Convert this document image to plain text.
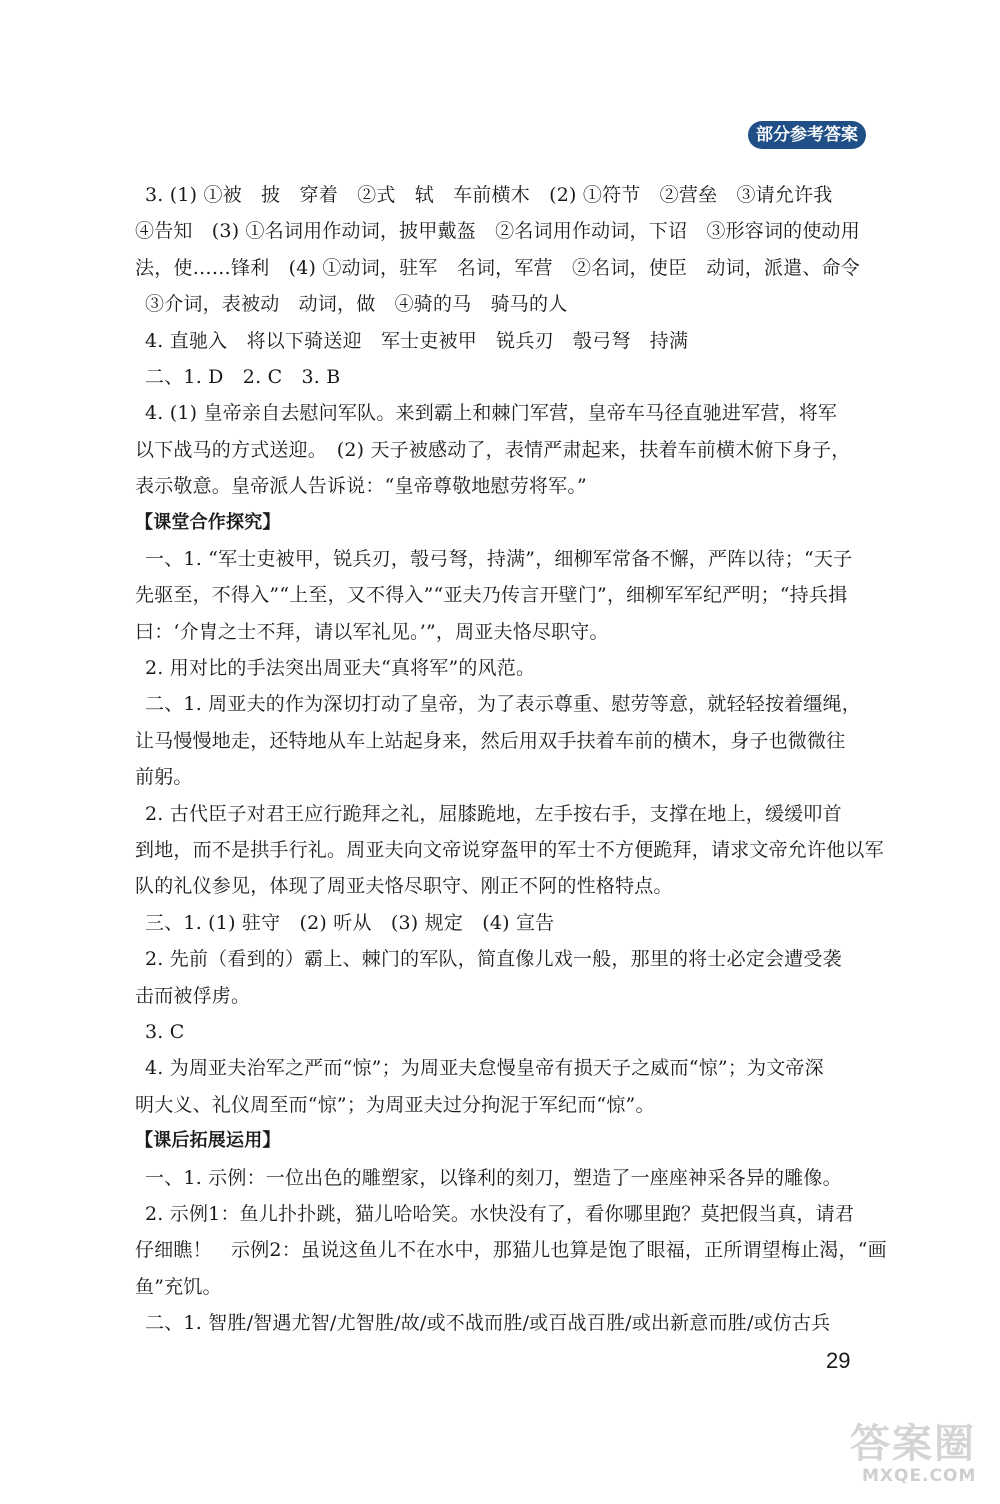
部分参考答案
3. (1) ①被　披　穿着　②式　轼　车前横木　(2) ①符节　②营垒　③请允许我
④告知　(3) ①名词用作动词，披甲戴盔　②名词用作动词，下诏　③形容词的使动用
法，使……锋利　(4) ①动词，驻军　名词，军营　②名词，使臣　动词，派遣、命令
③介词，表被动　动词，做　④骑的马　骑马的人
4. 直驰入　将以下骑送迎　军士吏被甲　锐兵刃　彀弓弩　持满
二、1. D　2. C　3. B
4. (1) 皇帝亲自去慰问军队。来到霸上和棘门军营，皇帝车马径直驰进军营，将军
以下战马的方式送迎。　(2) 天子被感动了，表情严肃起来，扶着车前横木俯下身子，
表示敬意。皇帝派人告诉说：“皇帝尊敬地慰劳将军。”
【课堂合作探究】
一、1. “军士吏被甲，锐兵刃，彀弓弩，持满”，细柳军常备不懈，严阵以待；“天子
先驱至，不得入”“上至，又不得入”“亚夫乃传言开壁门”，细柳军军纪严明；“持兵揖
曰：‘介胄之士不拜，请以军礼见。’”，周亚夫恪尽职守。
2. 用对比的手法突出周亚夫“真将军”的风范。
二、1. 周亚夫的作为深切打动了皇帝，为了表示尊重、慰劳等意，就轻轻按着缰绳，
让马慢慢地走，还特地从车上站起身来，然后用双手扶着车前的横木，身子也微微往
前躬。
2. 古代臣子对君王应行跪拜之礼，屈膝跪地，左手按右手，支撑在地上，缓缓叩首
到地，而不是拱手行礼。周亚夫向文帝说穿盔甲的军士不方便跪拜，请求文帝允许他以军
队的礼仪参见，体现了周亚夫恪尽职守、刚正不阿的性格特点。
三、1. (1) 驻守　(2) 听从　(3) 规定　(4) 宣告
2. 先前（看到的）霸上、棘门的军队，简直像儿戏一般，那里的将士必定会遭受袭
击而被俘虏。
3. C
4. 为周亚夫治军之严而“惊”；为周亚夫怠慢皇帝有损天子之威而“惊”；为文帝深
明大义、礼仪周至而“惊”；为周亚夫过分拘泥于军纪而“惊”。
【课后拓展运用】
一、1. 示例：一位出色的雕塑家，以锋利的刻刀，塑造了一座座神采各异的雕像。
2. 示例1：鱼儿扑扑跳，猫儿哈哈笑。水快没有了，看你哪里跑？莫把假当真，请君
仔细瞧！　示例2：虽说这鱼儿不在水中，那猫儿也算是饱了眼福，正所谓望梅止渴，“画
鱼”充饥。
二、1. 智胜/智遇尤智/尤智胜/故/或不战而胜/或百战百胜/或出新意而胜/或仿古兵
29
答案圈
MXQE.COM
